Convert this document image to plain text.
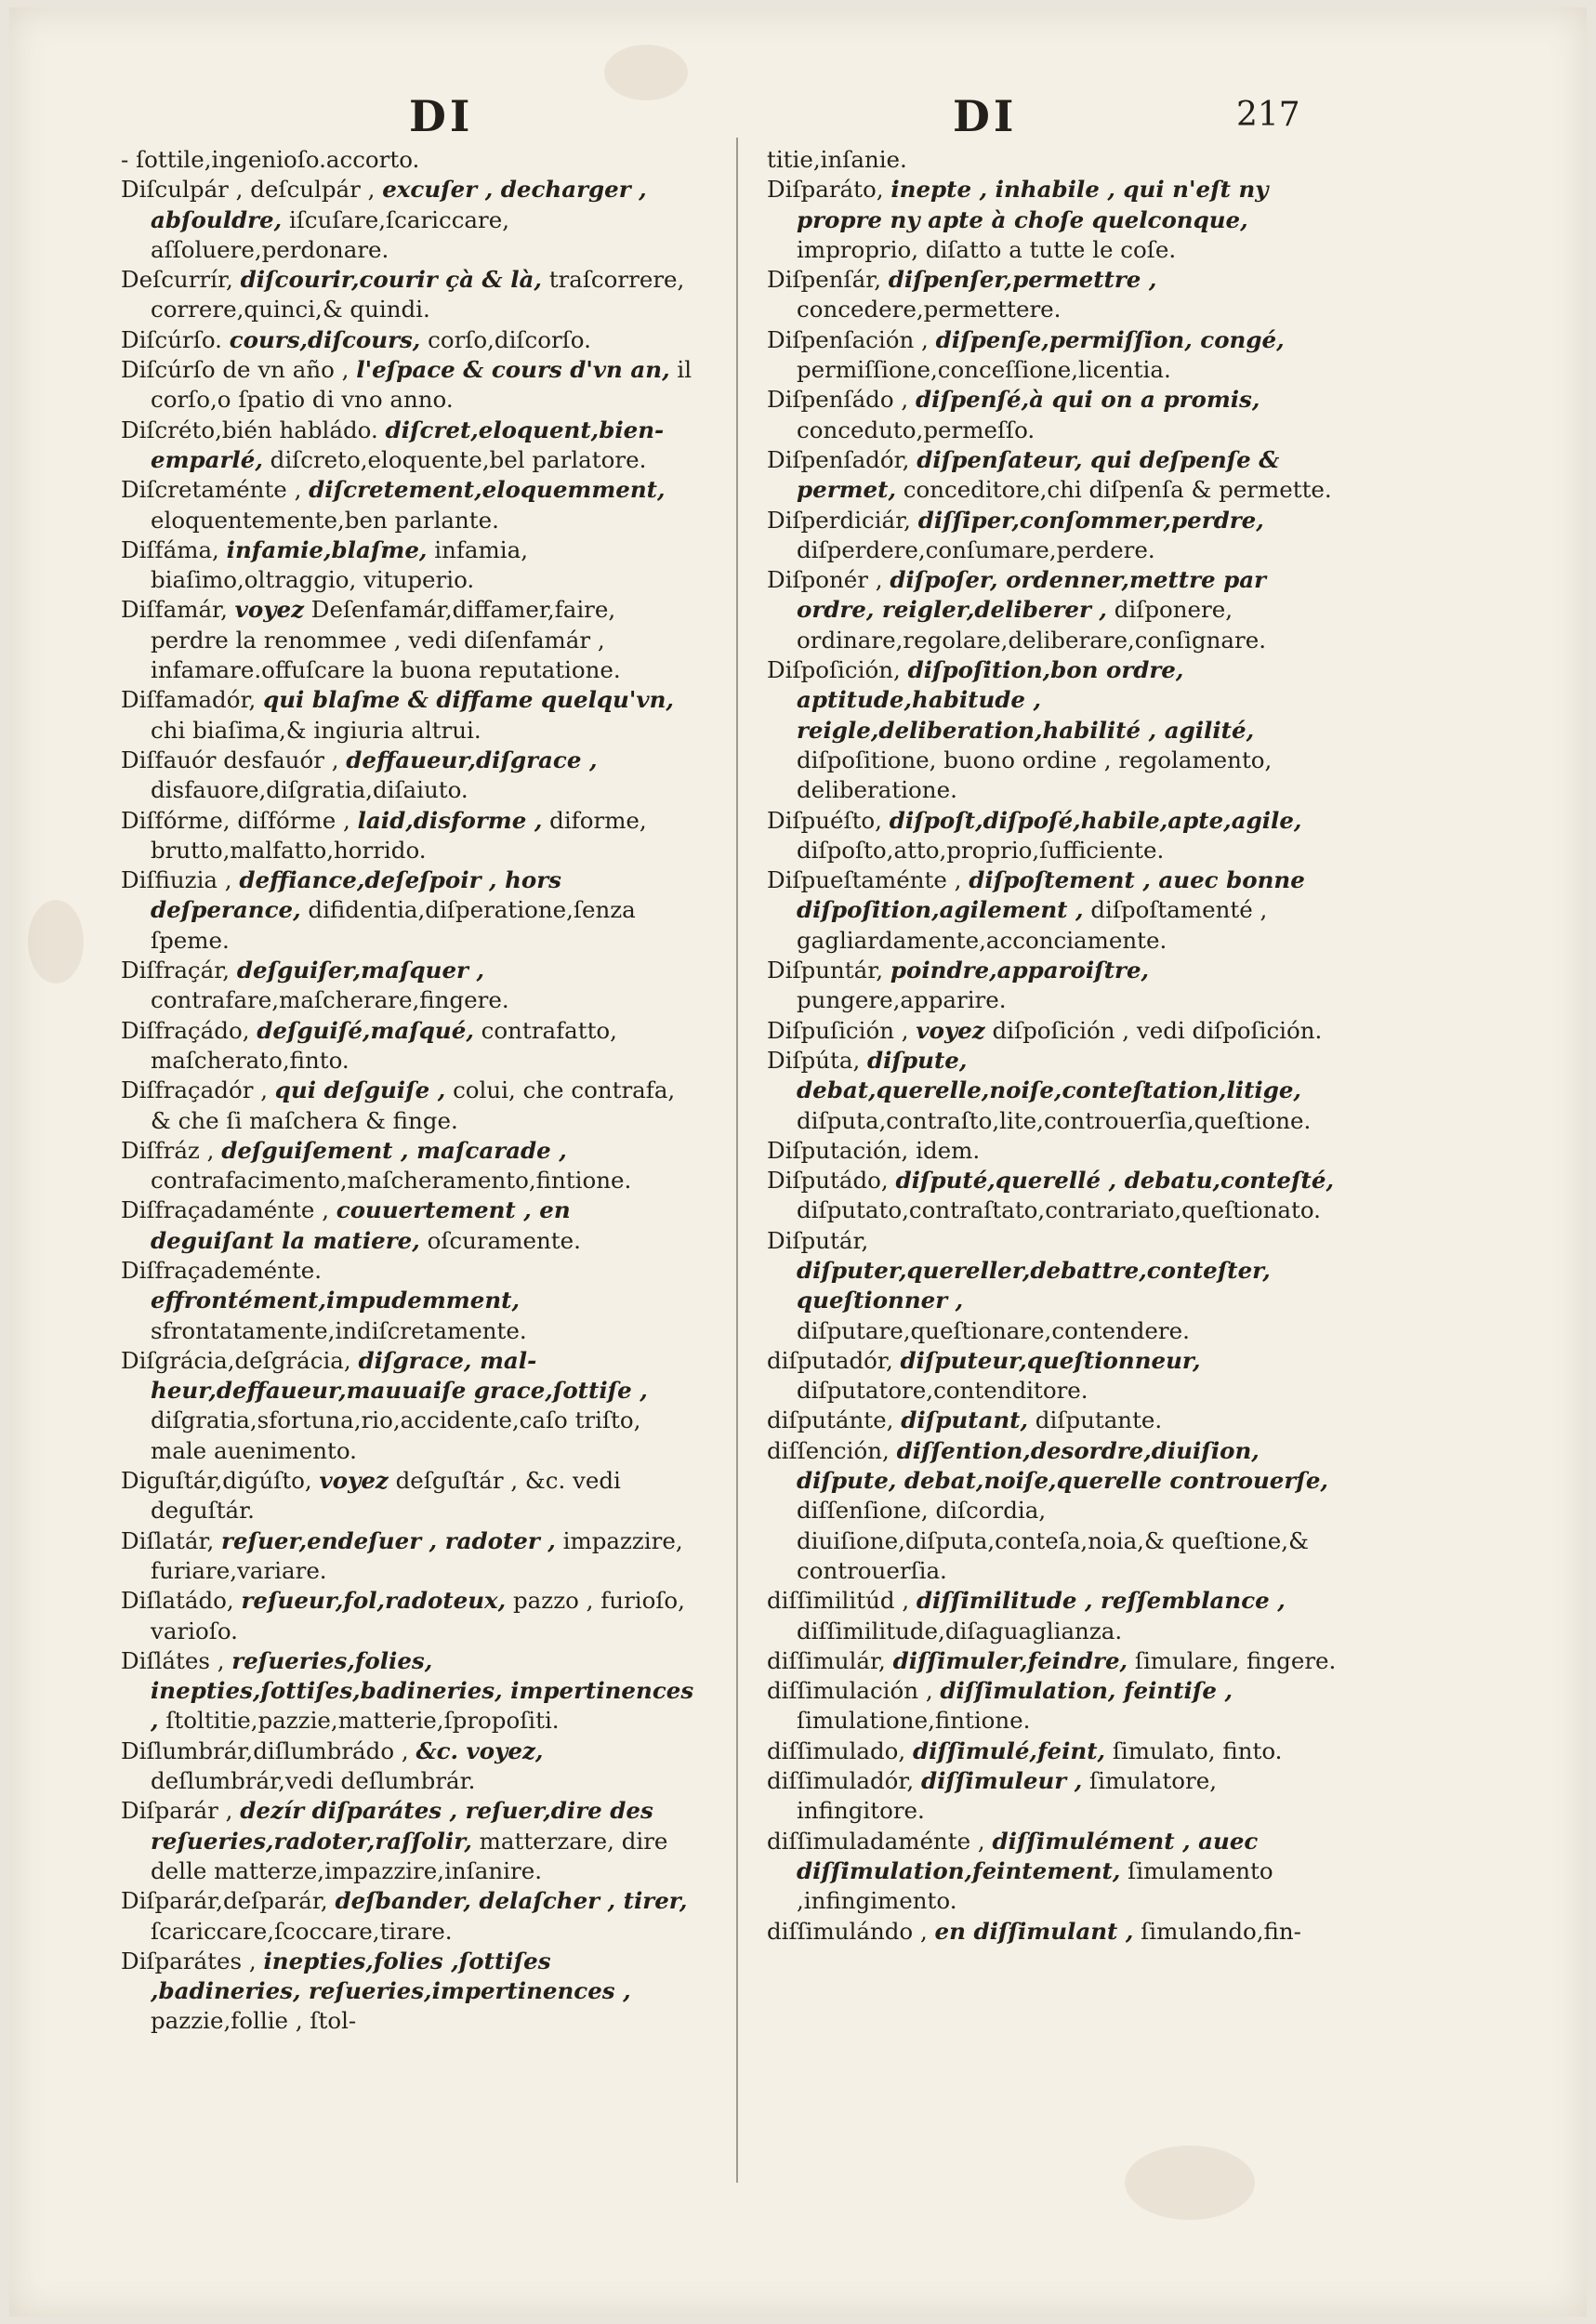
DI	DI	217

- ſottile,ingenioſo.accorto.

Diſculpár , deſculpár , excuſer , decharger , abſouldre, iſcuſare,ſcariccare, aſſoluere,perdonare.

Deſcurrír, diſcourir,courir çà & là, traſcorrere, correre,quinci,& quindi.

Diſcúrſo. cours,diſcours, corſo,diſcorſo.

Diſcúrſo de vn año , l'eſpace & cours d'vn an, il corſo,o ſpatio di vno anno.

Diſcréto,bién habládo. diſcret,eloquent,bien-emparlé, diſcreto,eloquente,bel parlatore.

Diſcretaménte , diſcretement,eloquemment, eloquentemente,ben parlante.

Diſfáma, infamie,blaſme, infamia, biaſimo,oltraggio, vituperio.

Diſfamár, voyez Deſenfamár,diffamer,faire, perdre la renommee , vedi diſenfamár , infamare.offuſcare la buona reputatione.

Diſfamadór, qui blaſme & diffame quelqu'vn, chi biaſima,& ingiuria altrui.

Diſfauór desfauór , deffaueur,diſgrace , disfauore,diſgratia,diſaiuto.

Diſfórme, diſfórme , laid,disforme , diforme, brutto,malfatto,horrido.

Diſfiuzia , deffiance,deſeſpoir , hors deſperance, difidentia,diſperatione,ſenza ſpeme.

Diſfraçár, deſguiſer,maſquer , contrafare,maſcherare,fingere.

Diſfraçádo, deſguiſé,maſqué, contrafatto, maſcherato,finto.

Diſfraçadór , qui deſguiſe , colui, che contrafa, & che ſi maſchera & finge.

Diſfráz , deſguiſement , maſcarade , contrafacimento,maſcheramento,fintione.

Diſfraçadaménte , couuertement , en deguiſant la matiere, oſcuramente.

Diſfraçademénte. effrontément,impudemment, sfrontatamente,indiſcretamente.

Diſgrácia,deſgrácia, diſgrace, mal-heur,deffaueur,mauuaiſe grace,ſottiſe , diſgratia,sfortuna,rio,accidente,caſo triſto, male auenimento.

Diguſtár,digúſto, voyez deſguſtár , &c. vedi deguſtár.

Diſlatár, reſuer,endeſuer , radoter , impazzire, furiare,variare.

Diſlatádo, reſueur,fol,radoteux, pazzo , furioſo, varioſo.

Diſlátes , reſueries,folies, inepties,ſottiſes,badineries, impertinences , ſtoltitie,pazzie,matterie,ſpropoſiti.

Diſlumbrár,diſlumbrádo , &c. voyez, deſlumbrár,vedi deſlumbrár.

Diſparár , dezír diſparátes , reſuer,dire des reſueries,radoter,raſſolir, matterzare, dire delle matterze,impazzire,inſanire.

Diſparár,deſparár, deſbander, delaſcher , tirer, ſcariccare,ſcoccare,tirare.

Diſparátes , inepties,folies ,ſottiſes ,badineries, reſueries,impertinences , pazzie,follie , ſtol-

titie,inſanie.

Diſparáto, inepte , inhabile , qui n'eſt ny propre ny apte à choſe quelconque, improprio, diſatto a tutte le coſe.

Diſpenſár, diſpenſer,permettre , concedere,permettere.

Diſpenſación , diſpenſe,permiſſion, congé, permiſſione,conceſſione,licentia.

Diſpenſádo , diſpenſé,à qui on a promis, conceduto,permeſſo.

Diſpenſadór, diſpenſateur, qui deſpenſe & permet, conceditore,chi diſpenſa & permette.

Diſperdiciár, diſſiper,conſommer,perdre, diſperdere,conſumare,perdere.

Diſponér , diſpoſer, ordenner,mettre par ordre, reigler,deliberer , diſponere, ordinare,regolare,deliberare,conſignare.

Diſpoſición, diſpoſition,bon ordre, aptitude,habitude , reigle,deliberation,habilité , agilité, diſpoſitione, buono ordine , regolamento, deliberatione.

Diſpuéſto, diſpoſt,diſpoſé,habile,apte,agile, diſpoſto,atto,proprio,ſufficiente.

Diſpueſtaménte , diſpoſtement , auec bonne diſpoſition,agilement , diſpoſtamenté , gagliardamente,acconciamente.

Diſpuntár, poindre,apparoiſtre, pungere,apparire.

Diſpuſición , voyez diſpoſición , vedi diſpoſición.

Diſpúta, diſpute, debat,querelle,noiſe,conteſtation,litige, diſputa,contraſto,lite,controuerſia,queſtione.

Diſputación, idem.

Diſputádo, diſputé,querellé , debatu,conteſté, diſputato,contraſtato,contrariato,queſtionato.

Diſputár, diſputer,quereller,debattre,conteſter, queſtionner , diſputare,queſtionare,contendere.

diſputadór, diſputeur,queſtionneur, diſputatore,contenditore.

diſputánte, diſputant, diſputante.

diſſención, diſſention,desordre,diuiſion, diſpute, debat,noiſe,querelle controuerſe, diſſenſione, diſcordia, diuiſione,diſputa,conteſa,noia,& queſtione,& controuerſia.

diſſimilitúd , diſſimilitude , reſſemblance , diſſimilitude,diſaguaglianza.

diſſimulár, diſſimuler,feindre, ſimulare, fingere.

diſſimulación , diſſimulation, feintiſe , ſimulatione,fintione.

diſſimulado, diſſimulé,feint, ſimulato, finto.

diſſimuladór, diſſimuleur , ſimulatore, infingitore.

diſſimuladaménte , diſſimulément , auec diſſimulation,feintement, ſimulamento ,infingimento.

diſſimulándo , en diſſimulant , ſimulando,fin-
